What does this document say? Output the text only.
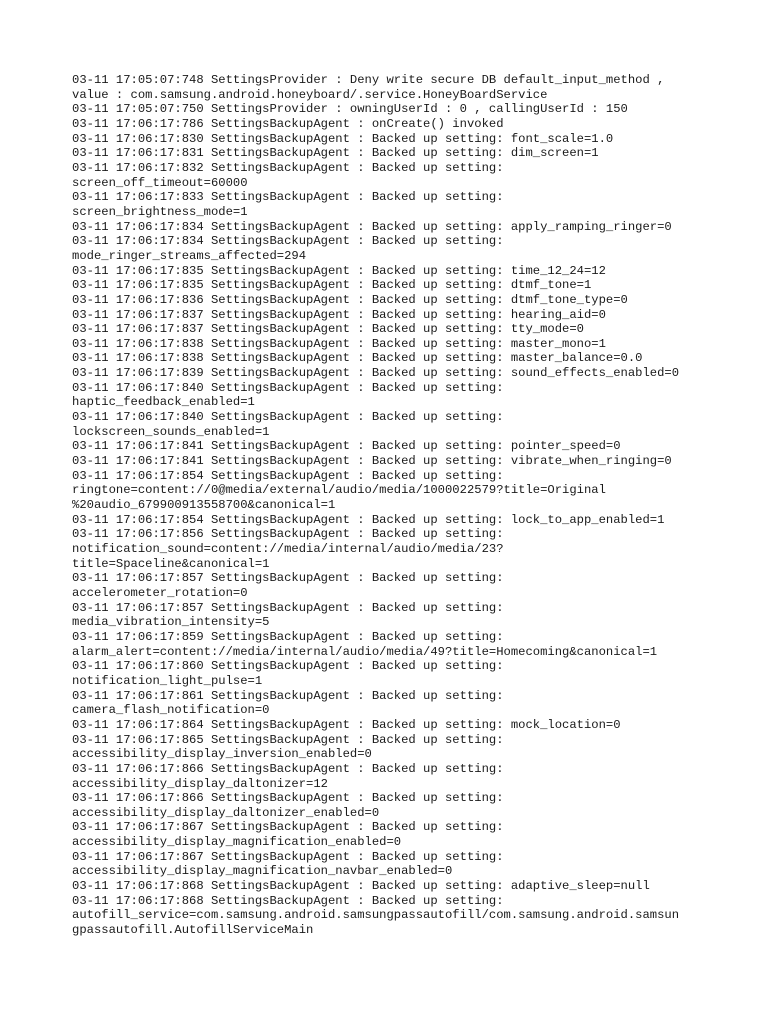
03-11 17:05:07:748 SettingsProvider : Deny write secure DB default_input_method ,
value : com.samsung.android.honeyboard/.service.HoneyBoardService
03-11 17:05:07:750 SettingsProvider : owningUserId : 0 , callingUserId : 150
03-11 17:06:17:786 SettingsBackupAgent : onCreate() invoked
03-11 17:06:17:830 SettingsBackupAgent : Backed up setting: font_scale=1.0
03-11 17:06:17:831 SettingsBackupAgent : Backed up setting: dim_screen=1
03-11 17:06:17:832 SettingsBackupAgent : Backed up setting:
screen_off_timeout=60000
03-11 17:06:17:833 SettingsBackupAgent : Backed up setting:
screen_brightness_mode=1
03-11 17:06:17:834 SettingsBackupAgent : Backed up setting: apply_ramping_ringer=0
03-11 17:06:17:834 SettingsBackupAgent : Backed up setting:
mode_ringer_streams_affected=294
03-11 17:06:17:835 SettingsBackupAgent : Backed up setting: time_12_24=12
03-11 17:06:17:835 SettingsBackupAgent : Backed up setting: dtmf_tone=1
03-11 17:06:17:836 SettingsBackupAgent : Backed up setting: dtmf_tone_type=0
03-11 17:06:17:837 SettingsBackupAgent : Backed up setting: hearing_aid=0
03-11 17:06:17:837 SettingsBackupAgent : Backed up setting: tty_mode=0
03-11 17:06:17:838 SettingsBackupAgent : Backed up setting: master_mono=1
03-11 17:06:17:838 SettingsBackupAgent : Backed up setting: master_balance=0.0
03-11 17:06:17:839 SettingsBackupAgent : Backed up setting: sound_effects_enabled=0
03-11 17:06:17:840 SettingsBackupAgent : Backed up setting:
haptic_feedback_enabled=1
03-11 17:06:17:840 SettingsBackupAgent : Backed up setting:
lockscreen_sounds_enabled=1
03-11 17:06:17:841 SettingsBackupAgent : Backed up setting: pointer_speed=0
03-11 17:06:17:841 SettingsBackupAgent : Backed up setting: vibrate_when_ringing=0
03-11 17:06:17:854 SettingsBackupAgent : Backed up setting:
ringtone=content://0@media/external/audio/media/1000022579?title=Original
%20audio_679900913558700&canonical=1
03-11 17:06:17:854 SettingsBackupAgent : Backed up setting: lock_to_app_enabled=1
03-11 17:06:17:856 SettingsBackupAgent : Backed up setting:
notification_sound=content://media/internal/audio/media/23?
title=Spaceline&canonical=1
03-11 17:06:17:857 SettingsBackupAgent : Backed up setting:
accelerometer_rotation=0
03-11 17:06:17:857 SettingsBackupAgent : Backed up setting:
media_vibration_intensity=5
03-11 17:06:17:859 SettingsBackupAgent : Backed up setting:
alarm_alert=content://media/internal/audio/media/49?title=Homecoming&canonical=1
03-11 17:06:17:860 SettingsBackupAgent : Backed up setting:
notification_light_pulse=1
03-11 17:06:17:861 SettingsBackupAgent : Backed up setting:
camera_flash_notification=0
03-11 17:06:17:864 SettingsBackupAgent : Backed up setting: mock_location=0
03-11 17:06:17:865 SettingsBackupAgent : Backed up setting:
accessibility_display_inversion_enabled=0
03-11 17:06:17:866 SettingsBackupAgent : Backed up setting:
accessibility_display_daltonizer=12
03-11 17:06:17:866 SettingsBackupAgent : Backed up setting:
accessibility_display_daltonizer_enabled=0
03-11 17:06:17:867 SettingsBackupAgent : Backed up setting:
accessibility_display_magnification_enabled=0
03-11 17:06:17:867 SettingsBackupAgent : Backed up setting:
accessibility_display_magnification_navbar_enabled=0
03-11 17:06:17:868 SettingsBackupAgent : Backed up setting: adaptive_sleep=null
03-11 17:06:17:868 SettingsBackupAgent : Backed up setting:
autofill_service=com.samsung.android.samsungpassautofill/com.samsung.android.samsun
gpassautofill.AutofillServiceMain
